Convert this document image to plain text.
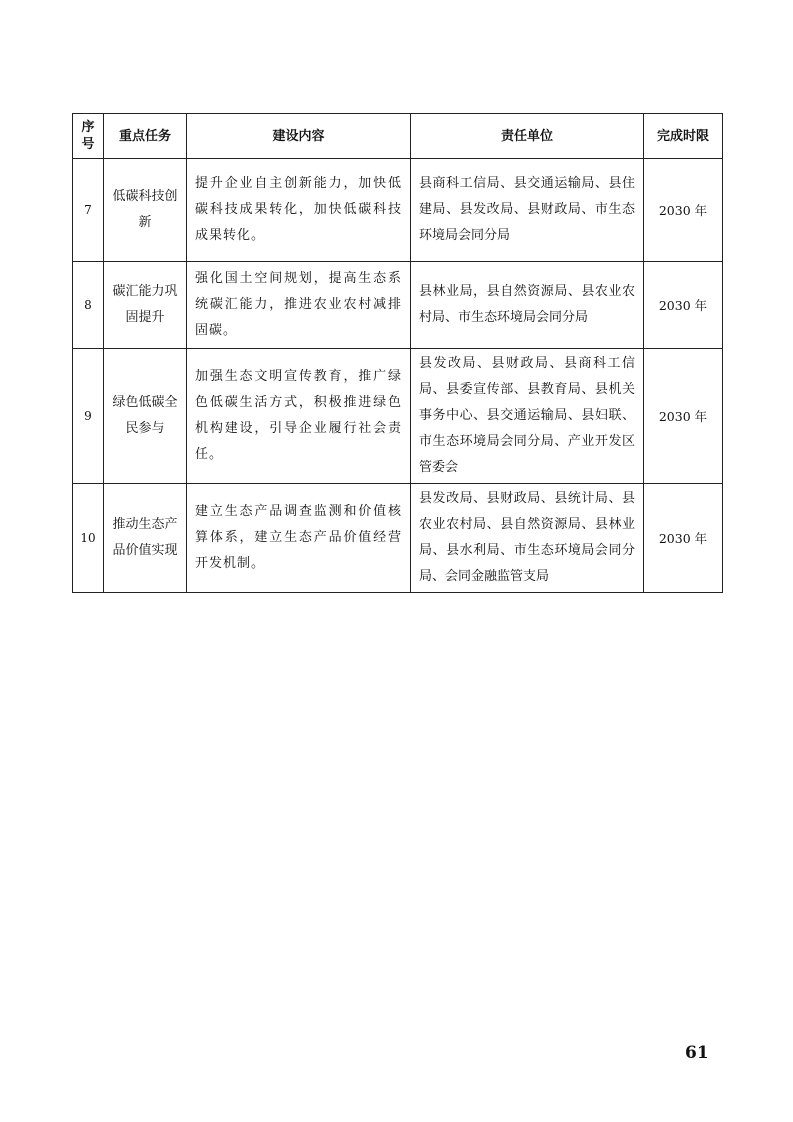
序号	重点任务	建设内容	责任单位	完成时限
7	低碳科技创新	提升企业自主创新能力，加快低碳科技成果转化，加快低碳科技成果转化。	县商科工信局、县交通运输局、县住建局、县发改局、县财政局、市生态环境局会同分局	2030 年
8	碳汇能力巩固提升	强化国土空间规划，提高生态系统碳汇能力，推进农业农村减排固碳。	县林业局，县自然资源局、县农业农村局、市生态环境局会同分局	2030 年
9	绿色低碳全民参与	加强生态文明宣传教育，推广绿色低碳生活方式，积极推进绿色机构建设，引导企业履行社会责任。	县发改局、县财政局、县商科工信局、县委宣传部、县教育局、县机关事务中心、县交通运输局、县妇联、市生态环境局会同分局、产业开发区管委会	2030 年
10	推动生态产品价值实现	建立生态产品调查监测和价值核算体系，建立生态产品价值经营开发机制。	县发改局、县财政局、县统计局、县农业农村局、县自然资源局、县林业局、县水利局、市生态环境局会同分局、会同金融监管支局	2030 年
61
